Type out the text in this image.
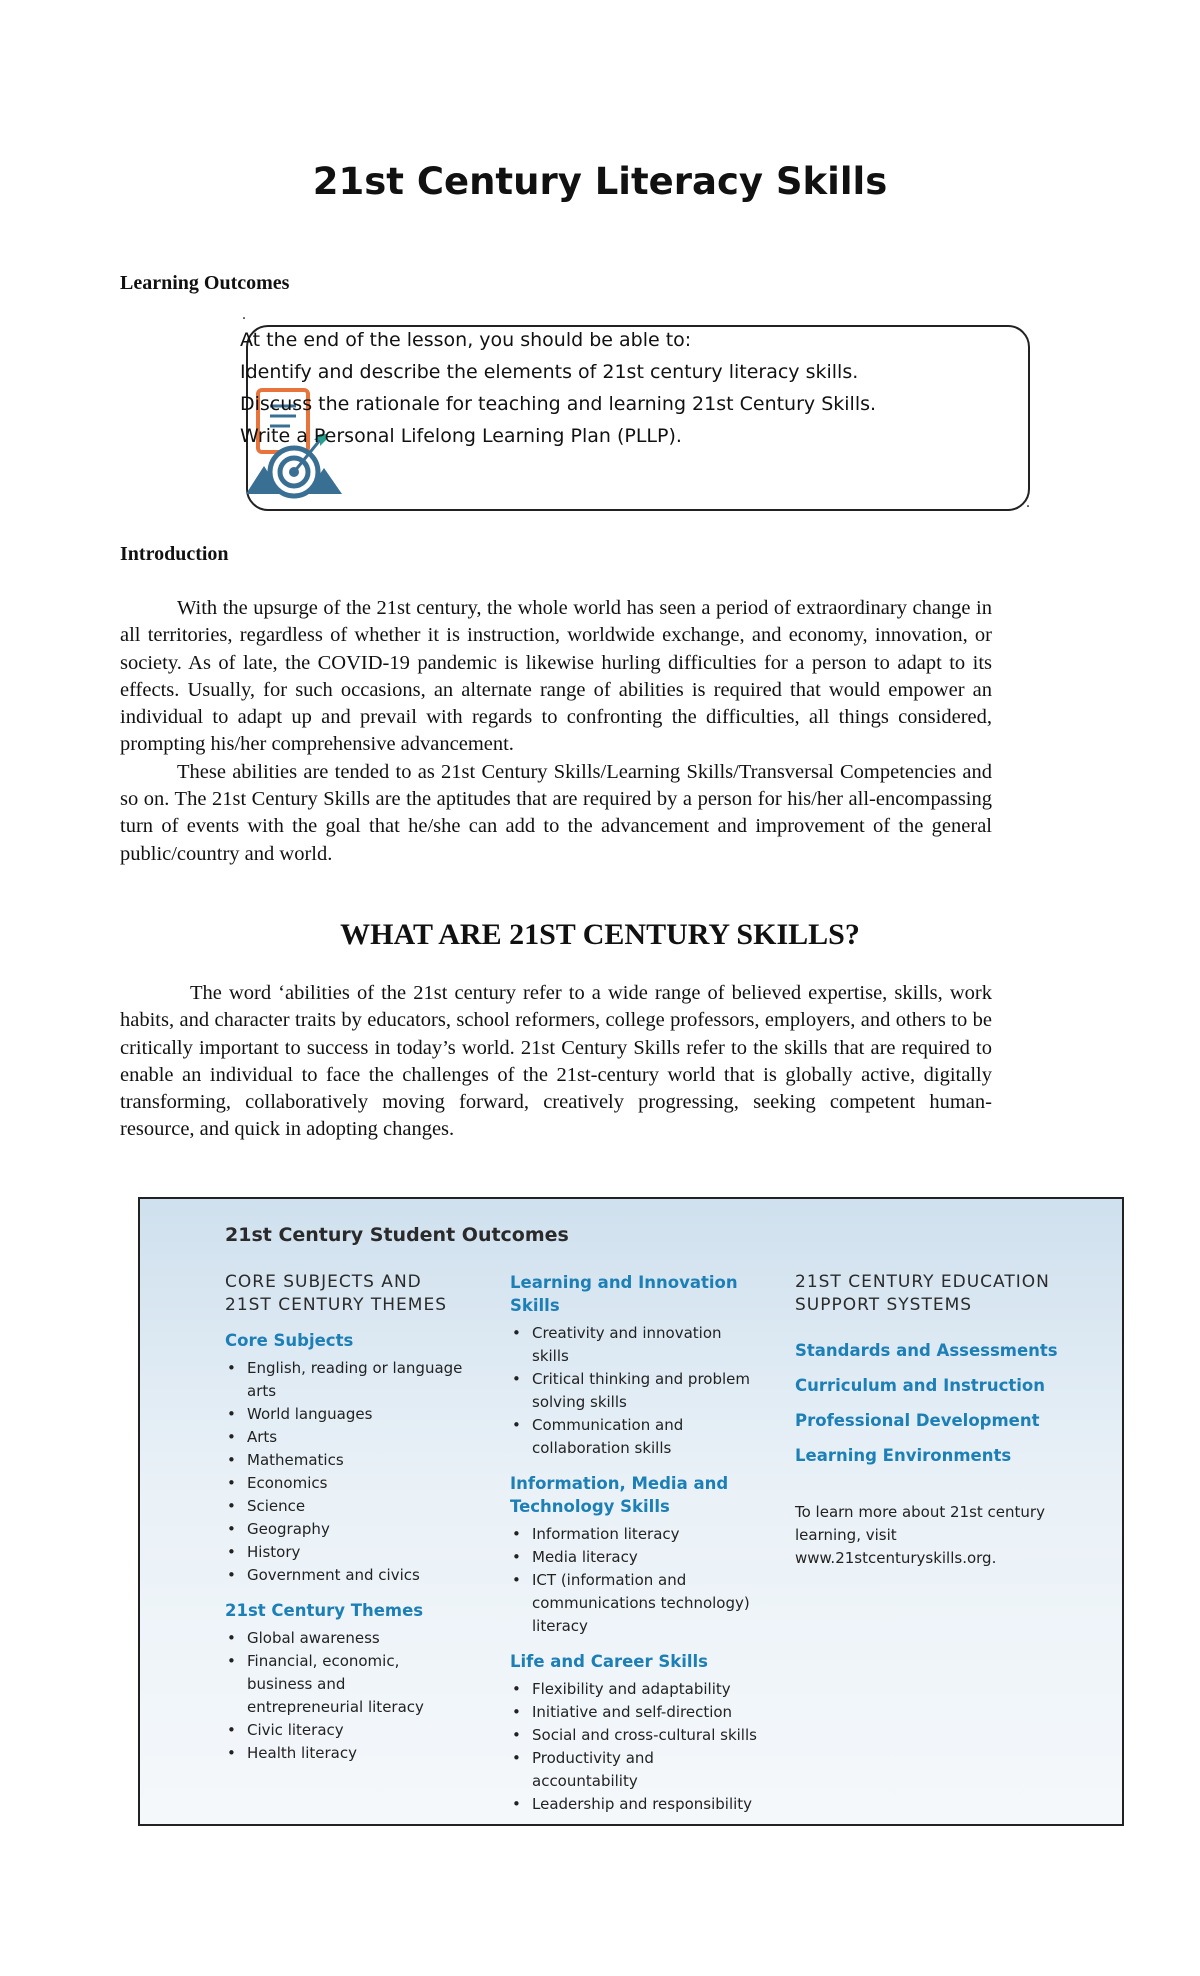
21st Century Literacy Skills
Learning Outcomes
.
.
At the end of the lesson, you should be able to:
Identify and describe the elements of 21st century literacy skills.
Discuss the rationale for teaching and learning 21st Century Skills.
Write a Personal Lifelong Learning Plan (PLLP).
Introduction

With the upsurge of the 21st century, the whole world has seen a period of extraordinary change in all territories, regardless of whether it is instruction, worldwide exchange, and economy, innovation, or society. As of late, the COVID-19 pandemic is likewise hurling difficulties for a person to adapt to its effects. Usually, for such occasions, an alternate range of abilities is required that would empower an individual to adapt up and prevail with regards to confronting the difficulties, all things considered, prompting his/her comprehensive advancement.

These abilities are tended to as 21st Century Skills/Learning Skills/Transversal Competencies and so on. The 21st Century Skills are the aptitudes that are required by a person for his/her all-encompassing turn of events with the goal that he/she can add to the advancement and improvement of the general public/country and world.

WHAT ARE 21ST CENTURY SKILLS?

The word ‘abilities of the 21st century refer to a wide range of believed expertise, skills, work habits, and character traits by educators, school reformers, college professors, employers, and others to be critically important to success in today’s world. 21st Century Skills refer to the skills that are required to enable an individual to face the challenges of the 21st-century world that is globally active, digitally transforming, collaboratively moving forward, creatively progressing, seeking competent human-resource, and quick in adopting changes.

21st Century Student Outcomes

CORE SUBJECTS AND 21ST CENTURY THEMES

Core Subjects

• English, reading or language arts
• World languages
• Arts
• Mathematics
• Economics
• Science
• Geography
• History
• Government and civics

21st Century Themes

• Global awareness
• Financial, economic, business and entrepreneurial literacy
• Civic literacy
• Health literacy

Learning and Innovation Skills

• Creativity and innovation skills
• Critical thinking and problem solving skills
• Communication and collaboration skills

Information, Media and Technology Skills

• Information literacy
• Media literacy
• ICT (information and communications technology) literacy

Life and Career Skills

• Flexibility and adaptability
• Initiative and self-direction
• Social and cross-cultural skills
• Productivity and accountability
• Leadership and responsibility

21ST CENTURY EDUCATION SUPPORT SYSTEMS

Standards and Assessments

Curriculum and Instruction

Professional Development

Learning Environments

To learn more about 21st century learning, visit www.21stcenturyskills.org.
